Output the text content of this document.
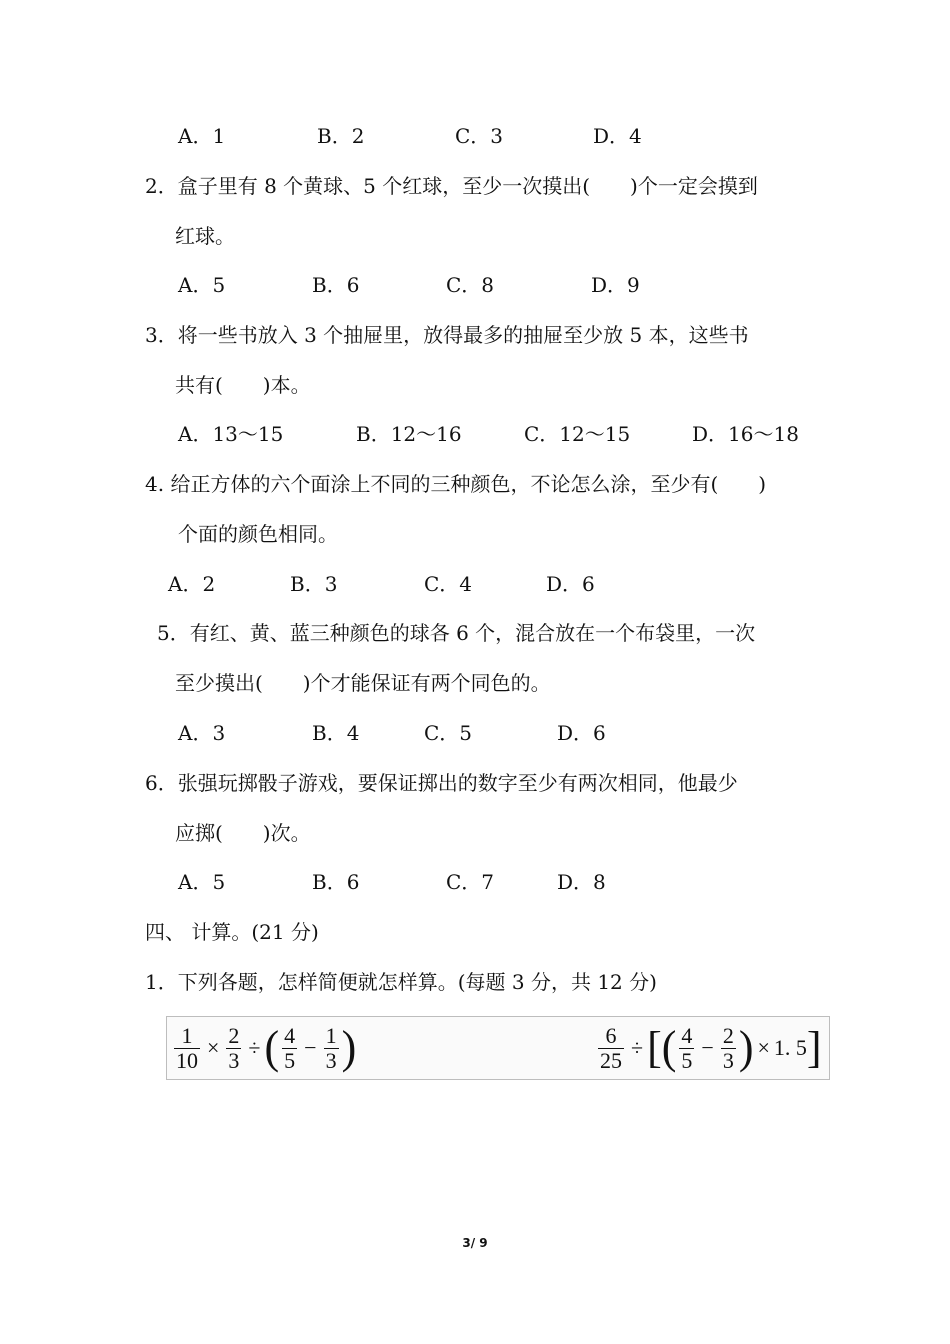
A．1	B．2	C．3	D．4
2．盒子里有 8 个黄球、5 个红球，至少一次摸出(　　)个一定会摸到
红球。
A．5	B．6	C．8	D．9
3．将一些书放入 3 个抽屉里，放得最多的抽屉至少放 5 本，这些书
共有(　　)本。
A．13～15	B．12～16	C．12～15	D．16～18
4. 给正方体的六个面涂上不同的三种颜色，不论怎么涂，至少有(　　)
个面的颜色相同。
A．2	B．3	C．4	D．6
5．有红、黄、蓝三种颜色的球各 6 个，混合放在一个布袋里，一次
至少摸出(　　)个才能保证有两个同色的。
A．3	B．4	C．5	D．6
6．张强玩掷骰子游戏，要保证掷出的数字至少有两次相同，他最少
应掷(　　)次。
A．5	B．6	C．7	D．8
四、 计算。(21 分)
1．下列各题，怎样简便就怎样算。(每题 3 分，共 12 分)
$\frac{1}{10} \times \frac{2}{3}$ ÷ ( $\frac{4}{5} - \frac{1}{3}$ )	$\frac{6}{25}$ ÷ [ ( $\frac{4}{5} - \frac{2}{3}$ ) × 1. 5 ]
3/ 9
